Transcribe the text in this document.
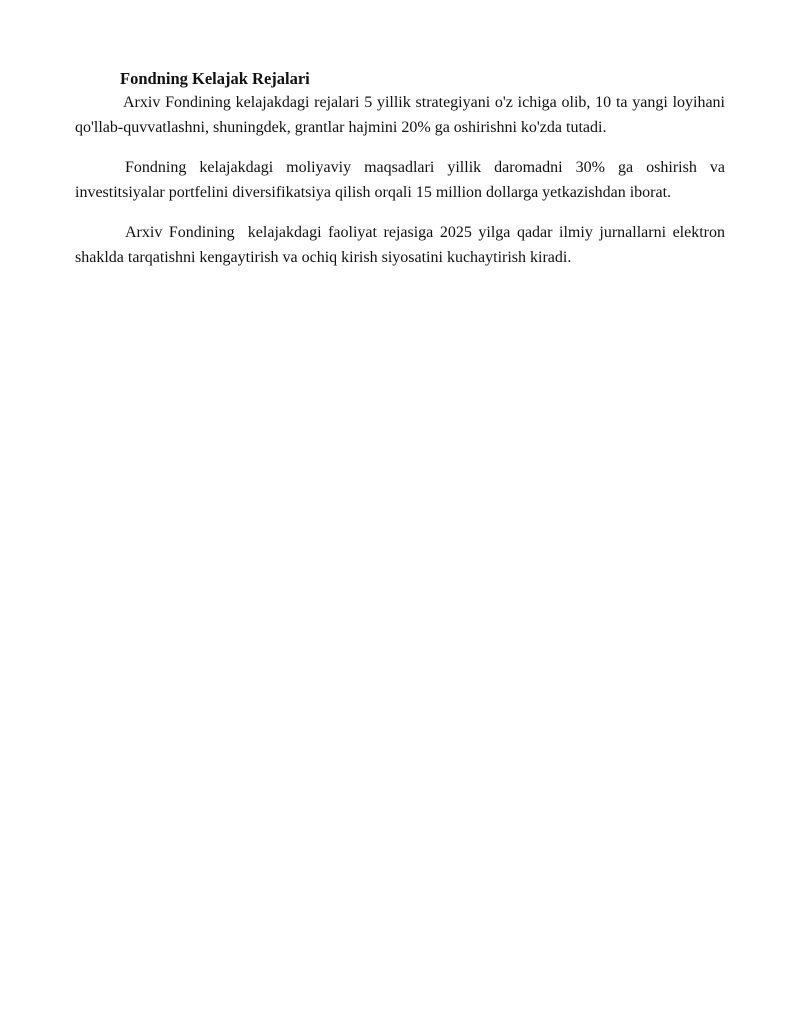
Fondning Kelajak Rejalari

Arxiv Fondining kelajakdagi rejalari 5 yillik strategiyani o'z ichiga olib, 10 ta yangi loyihani qo'llab-quvvatlashni, shuningdek, grantlar hajmini 20% ga oshirishni ko'zda tutadi.

Fondning kelajakdagi moliyaviy maqsadlari yillik daromadni 30% ga oshirish va investitsiyalar portfelini diversifikatsiya qilish orqali 15 million dollarga yetkazishdan iborat.

Arxiv Fondining  kelajakdagi faoliyat rejasiga 2025 yilga qadar ilmiy jurnallarni elektron shaklda tarqatishni kengaytirish va ochiq kirish siyosatini kuchaytirish kiradi.
